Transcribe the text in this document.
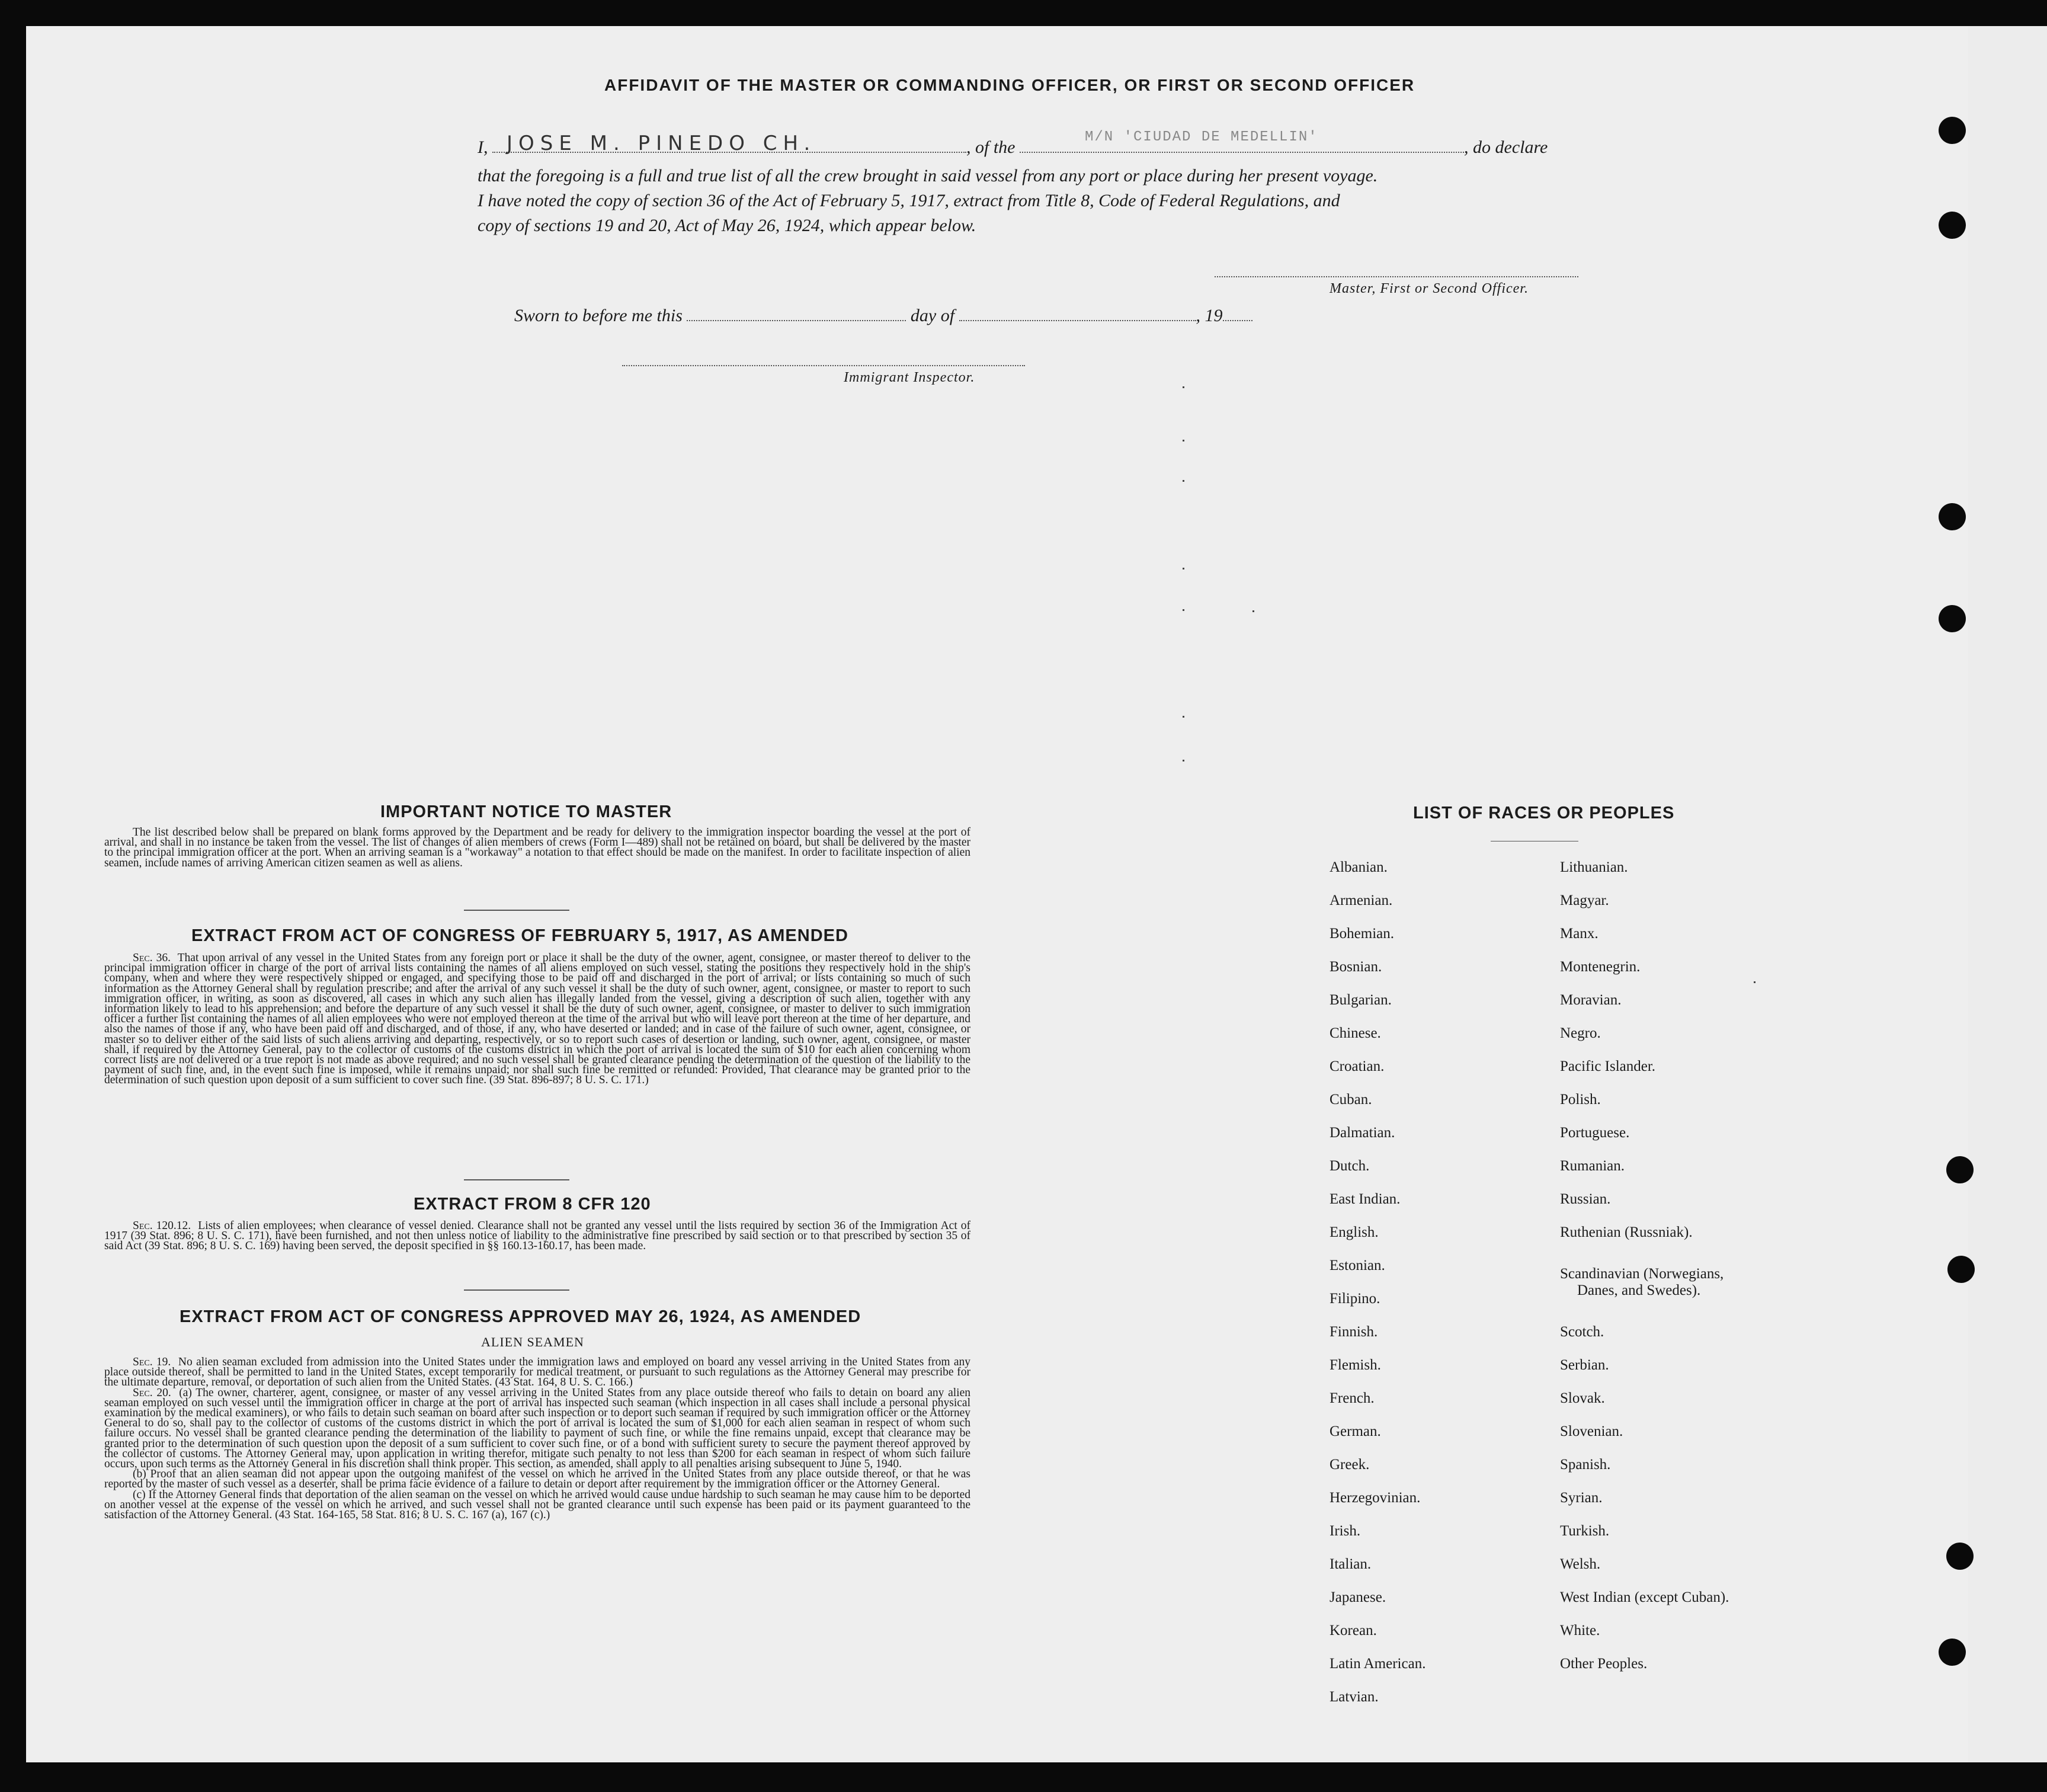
AFFIDAVIT OF THE MASTER OR COMMANDING OFFICER, OR FIRST OR SECOND OFFICER
I, JOSE M. PINEDO CH.	, of the
M/N 'CIUDAD DE MEDELLIN'
, do declare
that the foregoing is a full and true list of all the crew brought in said vessel from any port or place during her present voyage.
I have noted the copy of section 36 of the Act of February 5, 1917, extract from Title 8, Code of Federal Regulations, and
copy of sections 19 and 20, Act of May 26, 1924, which appear below.
Master, First or Second Officer.
Sworn to before me this	day of	, 19
Immigrant Inspector.
IMPORTANT NOTICE TO MASTER
The list described below shall be prepared on blank forms approved by the Department and be ready for delivery to the immigration inspector boarding the vessel at the port of arrival, and shall in no instance be taken from the vessel. The list of changes of alien members of crews (Form I—489) shall not be retained on board, but shall be delivered by the master to the principal immigration officer at the port. When an arriving seaman is a "workaway" a notation to that effect should be made on the manifest. In order to facilitate inspection of alien seamen, include names of arriving American citizen seamen as well as aliens.
EXTRACT FROM ACT OF CONGRESS OF FEBRUARY 5, 1917, AS AMENDED
Sec. 36. That upon arrival of any vessel in the United States from any foreign port or place it shall be the duty of the owner, agent, consignee, or master thereof to deliver to the principal immigration officer in charge of the port of arrival lists containing the names of all aliens employed on such vessel, stating the positions they respectively hold in the ship's company, when and where they were respectively shipped or engaged, and specifying those to be paid off and discharged in the port of arrival; or lists containing so much of such information as the Attorney General shall by regulation prescribe; and after the arrival of any such vessel it shall be the duty of such owner, agent, consignee, or master to report to such immigration officer, in writing, as soon as discovered, all cases in which any such alien has illegally landed from the vessel, giving a description of such alien, together with any information likely to lead to his apprehension; and before the departure of any such vessel it shall be the duty of such owner, agent, consignee, or master to deliver to such immigration officer a further list containing the names of all alien employees who were not employed thereon at the time of the arrival but who will leave port thereon at the time of her departure, and also the names of those if any, who have been paid off and discharged, and of those, if any, who have deserted or landed; and in case of the failure of such owner, agent, consignee, or master so to deliver either of the said lists of such aliens arriving and departing, respectively, or so to report such cases of desertion or landing, such owner, agent, consignee, or master shall, if required by the Attorney General, pay to the collector of customs of the customs district in which the port of arrival is located the sum of $10 for each alien concerning whom correct lists are not delivered or a true report is not made as above required; and no such vessel shall be granted clearance pending the determination of the question of the liability to the payment of such fine, and, in the event such fine is imposed, while it remains unpaid; nor shall such fine be remitted or refunded: Provided, That clearance may be granted prior to the determination of such question upon deposit of a sum sufficient to cover such fine. (39 Stat. 896-897; 8 U. S. C. 171.)
EXTRACT FROM 8 CFR 120
Sec. 120.12. Lists of alien employees; when clearance of vessel denied. Clearance shall not be granted any vessel until the lists required by section 36 of the Immigration Act of 1917 (39 Stat. 896; 8 U. S. C. 171), have been furnished, and not then unless notice of liability to the administrative fine prescribed by said section or to that prescribed by section 35 of said Act (39 Stat. 896; 8 U. S. C. 169) having been served, the deposit specified in §§ 160.13-160.17, has been made.
EXTRACT FROM ACT OF CONGRESS APPROVED MAY 26, 1924, AS AMENDED
ALIEN SEAMEN
Sec. 19. No alien seaman excluded from admission into the United States under the immigration laws and employed on board any vessel arriving in the United States from any place outside thereof, shall be permitted to land in the United States, except temporarily for medical treatment, or pursuant to such regulations as the Attorney General may prescribe for the ultimate departure, removal, or deportation of such alien from the United States. (43 Stat. 164, 8 U. S. C. 166.)
Sec. 20. (a) The owner, charterer, agent, consignee, or master of any vessel arriving in the United States from any place outside thereof who fails to detain on board any alien seaman employed on such vessel until the immigration officer in charge at the port of arrival has inspected such seaman (which inspection in all cases shall include a personal physical examination by the medical examiners), or who fails to detain such seaman on board after such inspection or to deport such seaman if required by such immigration officer or the Attorney General to do so, shall pay to the collector of customs of the customs district in which the port of arrival is located the sum of $1,000 for each alien seaman in respect of whom such failure occurs. No vessel shall be granted clearance pending the determination of the liability to payment of such fine, or while the fine remains unpaid, except that clearance may be granted prior to the determination of such question upon the deposit of a sum sufficient to cover such fine, or of a bond with sufficient surety to secure the payment thereof approved by the collector of customs. The Attorney General may, upon application in writing therefor, mitigate such penalty to not less than $200 for each seaman in respect of whom such failure occurs, upon such terms as the Attorney General in his discretion shall think proper. This section, as amended, shall apply to all penalties arising subsequent to June 5, 1940.
(b) Proof that an alien seaman did not appear upon the outgoing manifest of the vessel on which he arrived in the United States from any place outside thereof, or that he was reported by the master of such vessel as a deserter, shall be prima facie evidence of a failure to detain or deport after requirement by the immigration officer or the Attorney General.
(c) If the Attorney General finds that deportation of the alien seaman on the vessel on which he arrived would cause undue hardship to such seaman he may cause him to be deported on another vessel at the expense of the vessel on which he arrived, and such vessel shall not be granted clearance until such expense has been paid or its payment guaranteed to the satisfaction of the Attorney General. (43 Stat. 164-165, 58 Stat. 816; 8 U. S. C. 167 (a), 167 (c).)
LIST OF RACES OR PEOPLES
Albanian.
Armenian.
Bohemian.
Bosnian.
Bulgarian.
Chinese.
Croatian.
Cuban.
Dalmatian.
Dutch.
East Indian.
English.
Estonian.
Filipino.
Finnish.
Flemish.
French.
German.
Greek.
Herzegovinian.
Irish.
Italian.
Japanese.
Korean.
Latin American.
Latvian.
Lithuanian.
Magyar.
Manx.
Montenegrin.
Moravian.
Negro.
Pacific Islander.
Polish.
Portuguese.
Rumanian.
Russian.
Ruthenian (Russniak).
Scandinavian (Norwegians,
Danes, and Swedes).
Scotch.
Serbian.
Slovak.
Slovenian.
Spanish.
Syrian.
Turkish.
Welsh.
West Indian (except Cuban).
White.
Other Peoples.
